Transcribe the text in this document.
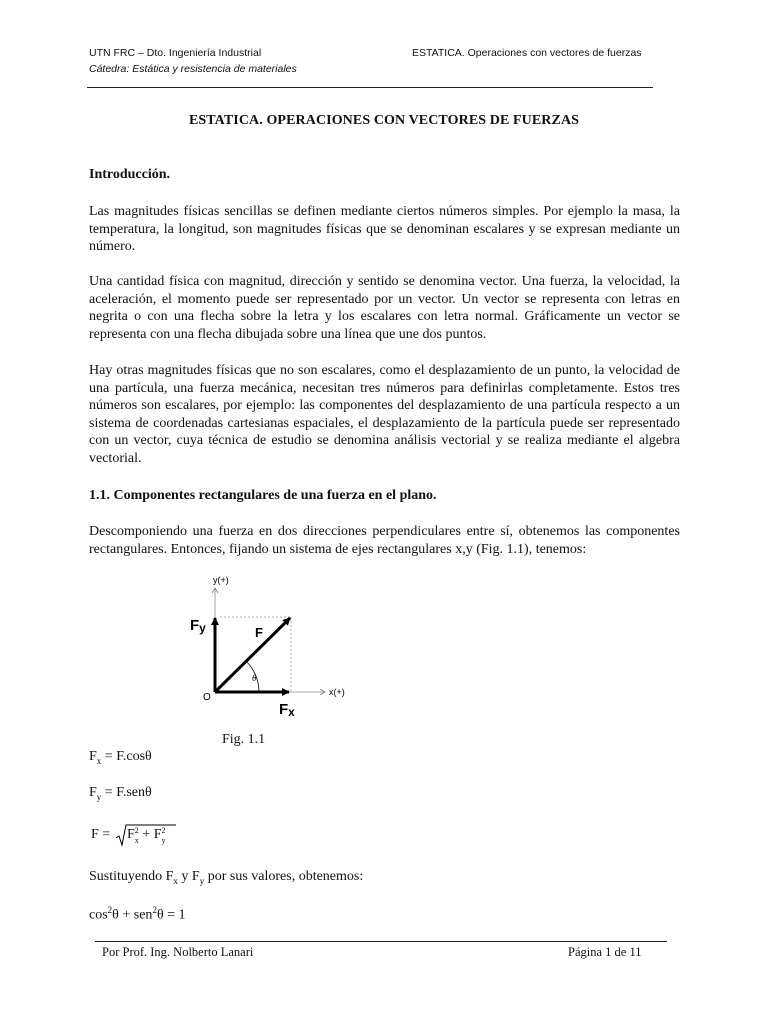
UTN FRC – Dto. Ingeniería Industrial
Cátedra: Estática y resistencia de materiales
ESTATICA. Operaciones con vectores de fuerzas
ESTATICA. OPERACIONES CON VECTORES DE FUERZAS
Introducción.
Las magnitudes físicas sencillas se definen mediante ciertos números simples. Por ejemplo la masa, la temperatura, la longitud, son magnitudes físicas que se denominan escalares y se expresan mediante un número.
Una cantidad física con magnitud, dirección y sentido se denomina vector. Una fuerza, la velocidad, la aceleración, el momento puede ser representado por un vector. Un vector se representa con letras en negrita o con una flecha sobre la letra y los escalares con letra normal. Gráficamente un vector se representa con una flecha dibujada sobre una línea que une dos puntos.
Hay otras magnitudes físicas que no son escalares, como el desplazamiento de un punto, la velocidad de una partícula, una fuerza mecánica, necesitan tres números para definirlas completamente. Estos tres números son escalares, por ejemplo: las componentes del desplazamiento de una partícula respecto a un sistema de coordenadas cartesianas espaciales, el desplazamiento de la partícula puede ser representado con un vector, cuya técnica de estudio se denomina análisis vectorial y se realiza mediante el algebra vectorial.
1.1. Componentes rectangulares de una fuerza en el plano.
Descomponiendo una fuerza en dos direcciones perpendiculares entre sí, obtenemos las componentes rectangulares. Entonces, fijando un sistema de ejes rectangulares x,y (Fig. 1.1), tenemos:
y(+)
x(+)
O
F
Fy
Fx
θ
Fig. 1.1
$F_x = F.\cos\theta$
$F_y = F.sen\theta$
F = F 2
x + F 2
y
Sustituyendo $F_x$ y $F_y$ por sus valores, obtenemos:
$\cos^2\theta + sen^2\theta = 1$
Por Prof. Ing. Nolberto Lanari	Página 1 de 11
